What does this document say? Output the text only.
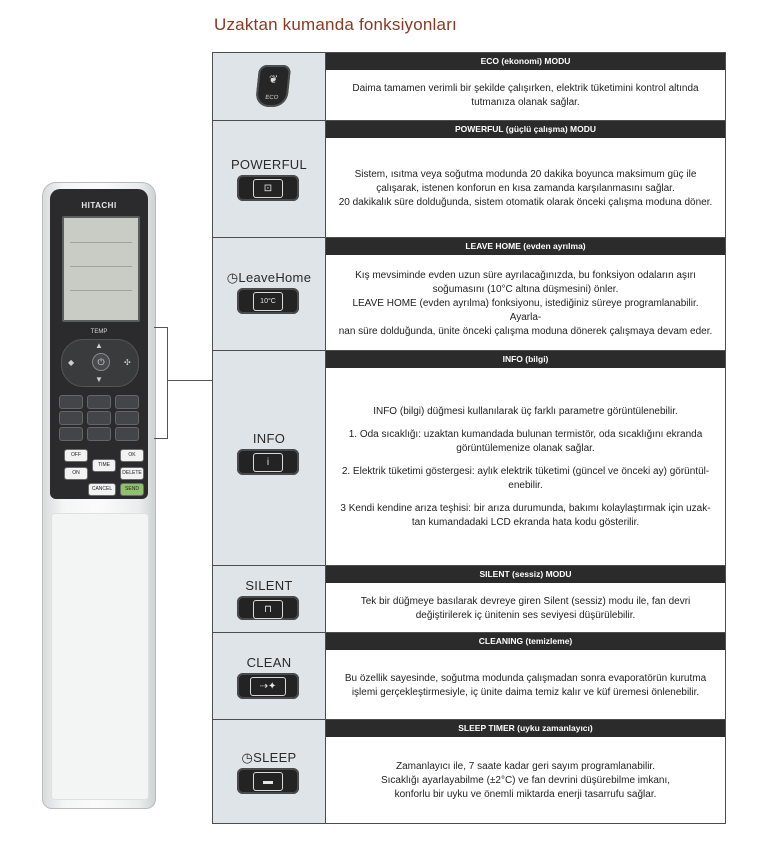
Uzaktan kumanda fonksiyonları
HITACHI
TEMP
▲
▼
◆	✣
⏻
OFF
ON
TIME
OK
DELETE
CANCEL	SEND
❦
ECO
ECO (ekonomi) MODU

Daima tamamen verimli bir şekilde çalışırken, elektrik tüketimini kontrol altında

tutmanıza olanak sağlar.

POWERFUL
⊡
POWERFUL (güçlü çalışma) MODU

Sistem, ısıtma veya soğutma modunda 20 dakika boyunca maksimum güç ile

çalışarak, istenen konforun en kısa zamanda karşılanmasını sağlar.

20 dakikalık süre dolduğunda, sistem otomatik olarak önceki çalışma moduna döner.

◷LeaveHome
10°C
LEAVE HOME (evden ayrılma)

Kış mevsiminde evden uzun süre ayrılacağınızda, bu fonksiyon odaların aşırı

soğumasını (10°C altına düşmesini) önler.

LEAVE HOME (evden ayrılma) fonksiyonu, istediğiniz süreye programlanabilir. Ayarla-

nan süre dolduğunda, ünite önceki çalışma moduna dönerek çalışmaya devam eder.

INFO
i
INFO (bilgi)

INFO (bilgi) düğmesi kullanılarak üç farklı parametre görüntülenebilir.

1. Oda sıcaklığı: uzaktan kumandada bulunan termistör, oda sıcaklığını ekranda

görüntülemenize olanak sağlar.

2. Elektrik tüketimi göstergesi: aylık elektrik tüketimi (güncel ve önceki ay) görüntül-

enebilir.

3 Kendi kendine arıza teşhisi: bir arıza durumunda, bakımı kolaylaştırmak için uzak-

tan kumandadaki LCD ekranda hata kodu gösterilir.

SILENT
⊓
SILENT (sessiz) MODU

Tek bir düğmeye basılarak devreye giren Silent (sessiz) modu ile, fan devri

değiştirilerek iç ünitenin ses seviyesi düşürülebilir.

CLEAN
⇢✦
CLEANING (temizleme)

Bu özellik sayesinde, soğutma modunda çalışmadan sonra evaporatörün kurutma

işlemi gerçekleştirmesiyle, iç ünite daima temiz kalır ve küf üremesi önlenebilir.

◷SLEEP
▬
SLEEP TIMER (uyku zamanlayıcı)

Zamanlayıcı ile, 7 saate kadar geri sayım programlanabilir.

Sıcaklığı ayarlayabilme (±2°C) ve fan devrini düşürebilme imkanı,

konforlu bir uyku ve önemli miktarda enerji tasarrufu sağlar.
